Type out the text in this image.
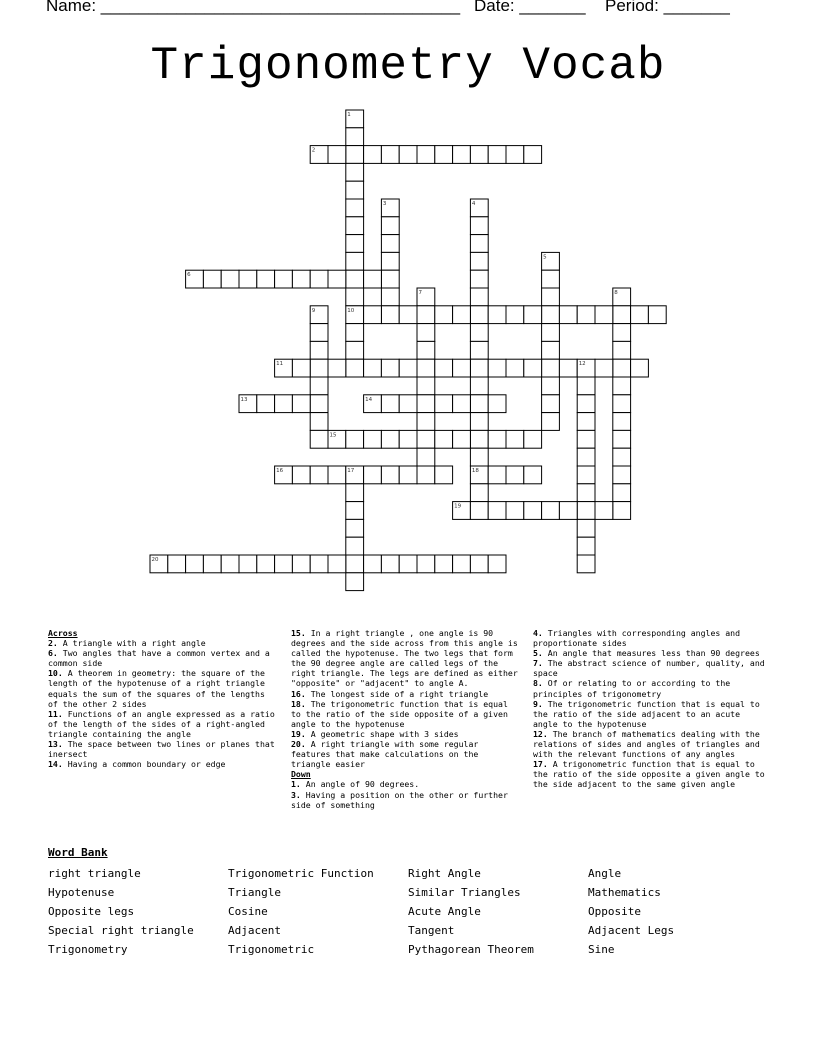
Name: ______________________________________ Date: _______ Period: _______
Trigonometry Vocab
1
2
3	4
5
6
7	8
9	10
11	12
13	14
15
16	17	18
19
20
Across
2. A triangle with a right angle
6. Two angles that have a common vertex and a common side
10. A theorem in geometry: the square of the length of the hypotenuse of a right triangle equals the sum of the squares of the lengths of the other 2 sides
11. Functions of an angle expressed as a ratio of the length of the sides of a right-angled triangle containing the angle
13. The space between two lines or planes that inersect
14. Having a common boundary or edge
15. In a right triangle , one angle is 90 degrees and the side across from this angle is called the hypotenuse. The two legs that form the 90 degree angle are called legs of the right triangle. The legs are defined as either "opposite" or "adjacent" to angle A.
16. The longest side of a right triangle
18. The trigonometric function that is equal to the ratio of the side opposite of a given angle to the hypotenuse
19. A geometric shape with 3 sides
20. A right triangle with some regular features that make calculations on the triangle easier
Down
1. An angle of 90 degrees.
3. Having a position on the other or further side of something
4. Triangles with corresponding angles and proportionate sides
5. An angle that measures less than 90 degrees
7. The abstract science of number, quality, and space
8. Of or relating to or according to the principles of trigonometry
9. The trigonometric function that is equal to the ratio of the side adjacent to an acute angle to the hypotenuse
12. The branch of mathematics dealing with the relations of sides and angles of triangles and with the relevant functions of any angles
17. A trigonometric function that is equal to the ratio of the side opposite a given angle to the side adjacent to the same given angle
Word Bank
right triangle
Hypotenuse
Opposite legs
Special right triangle
Trigonometry
Trigonometric Function
Triangle
Cosine
Adjacent
Trigonometric
Right Angle
Similar Triangles
Acute Angle
Tangent
Pythagorean Theorem
Angle
Mathematics
Opposite
Adjacent Legs
Sine
